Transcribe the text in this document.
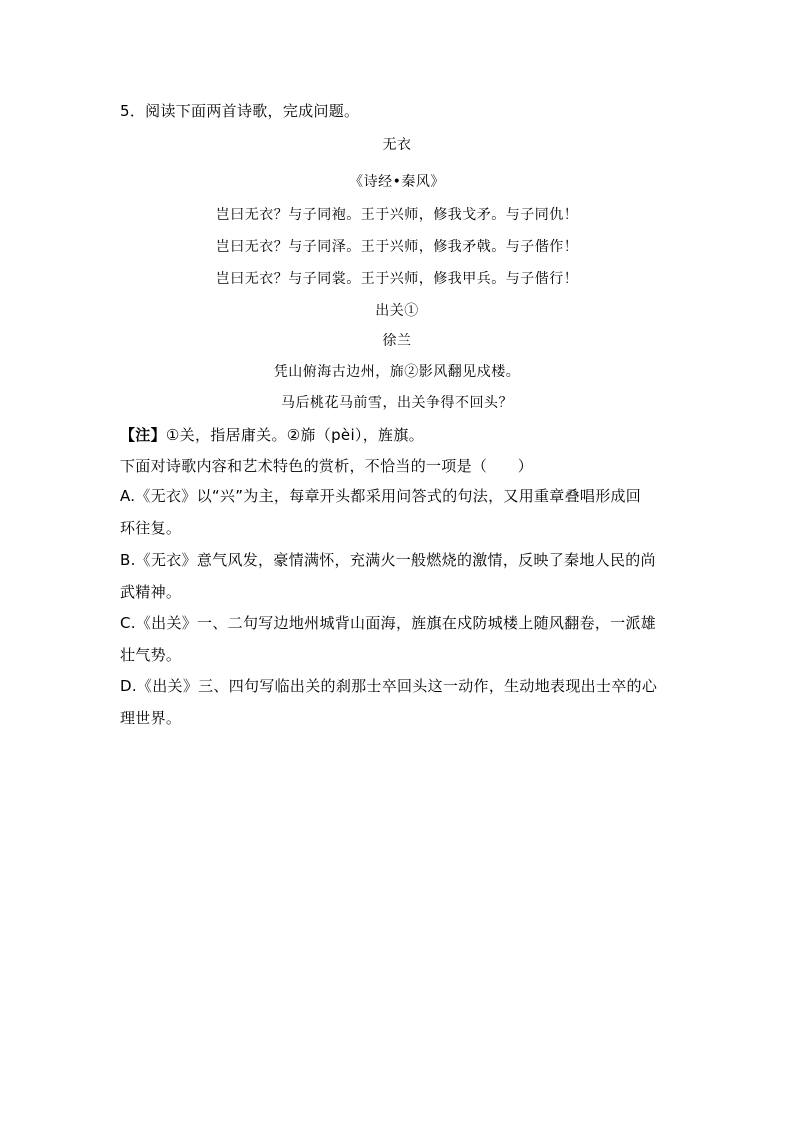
5．阅读下面两首诗歌，完成问题。
无衣
《诗经•秦风》
岂曰无衣？与子同袍。王于兴师，修我戈矛。与子同仇！
岂曰无衣？与子同泽。王于兴师，修我矛戟。与子偕作！
岂曰无衣？与子同裳。王于兴师，修我甲兵。与子偕行！
出关①
徐兰
凭山俯海古边州，旆②影风翻见戍楼。
马后桃花马前雪，出关争得不回头？
【注】①关，指居庸关。②旆（pèi），旌旗。
下面对诗歌内容和艺术特色的赏析，不恰当的一项是（　　）
A.《无衣》以“兴”为主，每章开头都采用问答式的句法，又用重章叠唱形成回
环往复。
B.《无衣》意气风发，豪情满怀，充满火一般燃烧的激情，反映了秦地人民的尚
武精神。
C.《出关》一、二句写边地州城背山面海，旌旗在戍防城楼上随风翻卷，一派雄
壮气势。
D.《出关》三、四句写临出关的刹那士卒回头这一动作，生动地表现出士卒的心
理世界。
